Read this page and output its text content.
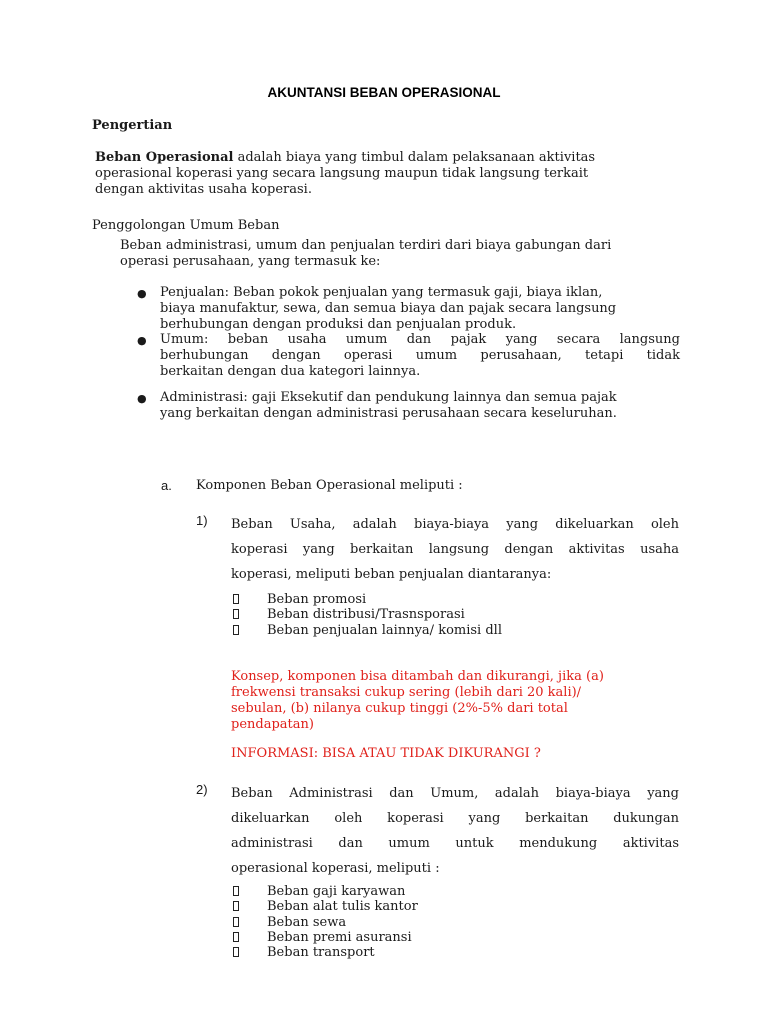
AKUNTANSI BEBAN OPERASIONAL
Pengertian
Beban Operasional adalah biaya yang timbul dalam pelaksanaan aktivitas
operasional koperasi yang secara langsung maupun tidak langsung terkait
dengan aktivitas usaha koperasi.
Penggolongan Umum Beban
Beban administrasi, umum dan penjualan terdiri dari biaya gabungan dari
operasi perusahaan, yang termasuk ke:
● Penjualan: Beban pokok penjualan yang termasuk gaji, biaya iklan,
biaya manufaktur, sewa, dan semua biaya dan pajak secara langsung
berhubungan dengan produksi dan penjualan produk.
● Umum: beban usaha umum dan pajak yang secara langsung
berhubungan dengan operasi umum perusahaan, tetapi tidak
berkaitan dengan dua kategori lainnya.
● Administrasi: gaji Eksekutif dan pendukung lainnya dan semua pajak
yang berkaitan dengan administrasi perusahaan secara keseluruhan.
a. Komponen Beban Operasional meliputi :
1) Beban Usaha, adalah biaya-biaya yang dikeluarkan oleh
koperasi yang berkaitan langsung dengan aktivitas usaha
koperasi, meliputi beban penjualan diantaranya:
Beban promosi
Beban distribusi/Trasnsporasi
Beban penjualan lainnya/ komisi dll
Konsep, komponen bisa ditambah dan dikurangi, jika (a)
frekwensi transaksi cukup sering (lebih dari 20 kali)/
sebulan, (b) nilanya cukup tinggi (2%-5% dari total
pendapatan)
INFORMASI: BISA ATAU TIDAK DIKURANGI ?
2) Beban Administrasi dan Umum, adalah biaya-biaya yang
dikeluarkan oleh koperasi yang berkaitan dukungan
administrasi dan umum untuk mendukung aktivitas
operasional koperasi, meliputi :
Beban gaji karyawan
Beban alat tulis kantor
Beban sewa
Beban premi asuransi
Beban transport
